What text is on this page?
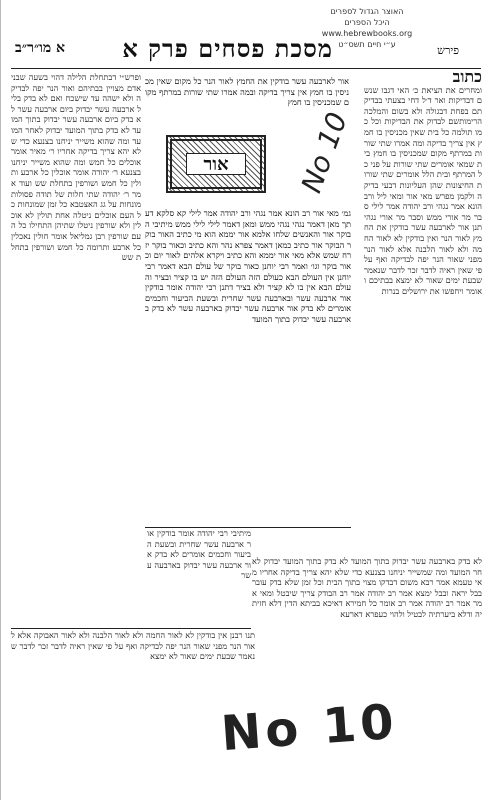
האוצר הגדול לספרים
היכל הספרים
www.hebrewbooks.org
ע״י חיים תשס״ט	פירש
מסכת פסחים פרק א
א מו״ר״ב
כתוב
ומחרים את הציאת כ׳ האי דגבו שנשם דבדיקות ואר ד׳ל דחי בצעתי בבדיקתם בפחת דבגולה ולא בשום והמלכה הרימותשם לבדוק את הבדיקות וכל כמו תולמה כל בית שאין מכניסין בו חמץ אין צריך בדיקה ומה אמרו שתי שורות במרתף מקום שמכניסין בו חמץ בית שמאי אומרים שתי שורות על פני כל המרתף ובית הלל אומרים שתי שורות החיצונות שהן העליונות דבעי בדיקה ולקמן מפרש מאי אור ומאי ליל ורב הונא אמר נגהי ורב יהודה אמר לילי סבר מר אורי ממש וסבר מר אורי נגהי תנן אור לארבעה עשר בודקין את החמץ לאור הנר ואין בודקין לא לאור החמה ולא לאור הלבנה אלא לאור הנר מפני שאור הנר יפה לבדיקה ואף על פי שאין ראיה לדבר זכר לדבר שנאמר שבעת ימים שאור לא ימצא בבתיכם ואומר ויחפשו את ירושלים בנרות
ופרש״י דבתחלת הלילה דהוי בשעה שבני אדם מצויין בבתיהם ואור הנר יפה לבדיקה ולא ישהה עד שישכח ואם לא בדק בליל ארבעה עשר יבדוק ביום ארבעה עשר לא בדק ביום ארבעה עשר יבדוק בתוך המועד לא בדק בתוך המועד יבדוק לאחר המועד ומה שהוא משייר יניחנו בצנעא כדי שלא יהא צריך בדיקה אחריו ר׳ מאיר אומר אוכלים כל חמש ומה שהוא משייר יניחנו בצנעא ר׳ יהודה אומר אוכלין כל ארבע ותולין כל חמש ושורפין בתחלת שש ועוד אמר ר׳ יהודה שתי חלות של תודה פסולות מונחות על גג האצטבא כל זמן שמונחות כל העם אוכלים ניטלה אחת תולין לא אוכלין ולא שורפין ניטלו שתיהן התחילו כל העם שורפין רבן גמליאל אומר חולין נאכלין כל ארבע ותרומה כל חמש ושורפין בתחלת שש
אור לארבעה עשר בודקין את החמץ לאור הנר כל מקום שאין מכניסין בו חמץ אין צריך בדיקה ובמה אמרו שתי שורות במרתף מקום שמכניסין בו חמץ
אור
גמ׳ מאי אור רב הונא אמר נגהי ורב יהודה אמר לילי קא סלקא דעתך מאן דאמר נגהי נגהי ממש ומאן דאמר לילי לילי ממש מיתיבי הבוקר אור והאנשים שלחו אלמא אור יממא הוא מי כתיב האור בוקר הבוקר אור כתיב כמאן דאמר צפרא נהר והא כתיב וכאור בוקר יזרח שמש אלא מאי אור יממא והא כתיב ויקרא אלהים לאור יום וכאור בוקר וגו׳ ואמר רבי יוחנן כאור בוקר של עולם הבא דאמר רבי יוחנן אין העולם הבא כעולם הזה העולם הזה יש בו קציר ובציר והעולם הבא אין בו לא קציר ולא בציר דתנן רבי יהודה אומר בודקין אור ארבעה עשר ובארבעה עשר שחרית ובשעת הביעור וחכמים אומרים לא בדק אור ארבעה עשר יבדוק בארבעה עשר לא בדק בארבעה עשר יבדוק בתוך המועד
מיתיבי רבי יהודה אומר בודקין אור ארבעה עשר שחרית ובשעת הביעור וחכמים אומרים לא בדק אור ארבעה עשר יבדוק בארבעה עשר
לא בדק בארבעה עשר יבדוק בתוך המועד לא בדק בתוך המועד יבדוק לאחר המועד ומה שמשייר יניחנו בצנעא כדי שלא יהא צריך בדיקה אחריו מאי טעמא אמר רבא משום דבדקו מצוי בתוך הבית וכל זמן שלא בדק עובר בבל יראה ובבל ימצא אמר רב יהודה אמר רב הבודק צריך שיבטל ומאי אמר אמר רב יהודה אמר רב אומר כל חמירא דאיכא בביתא הדין דלא חזיתיה ודלא ביערתיה לבטיל ולהוי כעפרא דארעא
תנו רבנן אין בודקין לא לאור החמה ולא לאור הלבנה ולא לאור האבוקה אלא לאור הנר מפני שאור הנר יפה לבדיקה ואף על פי שאין ראיה לדבר זכר לדבר שנאמר שבעת ימים שאור לא ימצא
No 10
No 10
